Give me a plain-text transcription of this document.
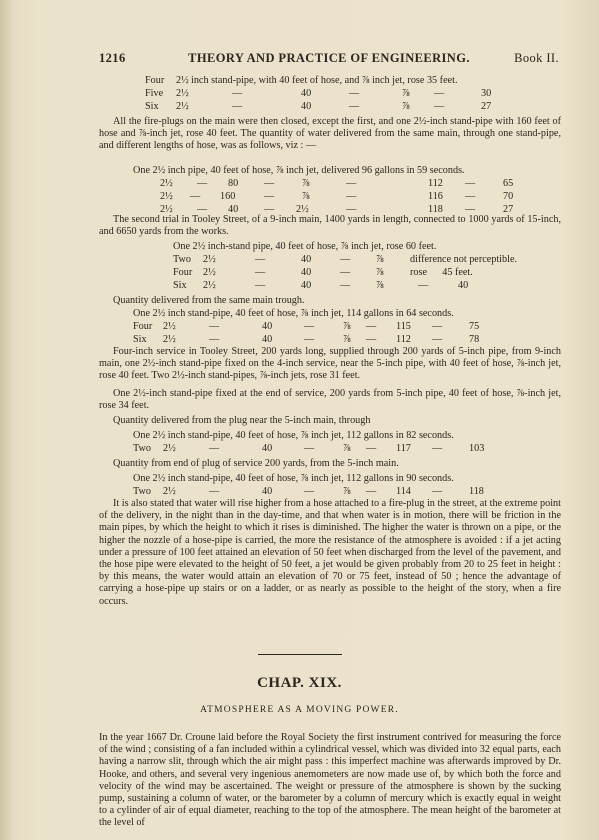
1216	THEORY AND PRACTICE OF ENGINEERING.	Book II.
Four 2½ inch stand-pipe, with 40 feet of hose, and ⅞ inch jet, rose 35 feet.
Five 2½	—	40	—	⅞ —	30
Six 2½	—	40	—	⅞ —	27

All the fire-plugs on the main were then closed, except the first, and one 2½-inch stand-pipe with 160 feet of hose and ⅞-inch jet, rose 40 feet. The quantity of water delivered from the same main, through one stand-pipe, and different lengths of hose, was as follows, viz : —

One 2½ inch pipe, 40 feet of hose, ⅞ inch jet, delivered 96 gallons in 59 seconds.
2½ — 80	—	⅞	—	112 —	65
2½ — 160	—	⅞	—	116 —	70
2½ — 40	— 2½	—	118 —	27

The second trial in Tooley Street, of a 9-inch main, 1400 yards in length, connected to 1000 yards of 15-inch, and 6650 yards from the works.

One 2½ inch-stand pipe, 40 feet of hose, ⅞ inch jet, rose 60 feet.
Two 2½	—	40	—	⅞	difference not perceptible.
Four 2½	—	40	—	⅞	rose      45 feet.
Six 2½	—	40	—	⅞	—	40
Quantity delivered from the same main trough.
One 2½ inch stand-pipe, 40 feet of hose, ⅞ inch jet, 114 gallons in 64 seconds.
Four 2½	—	40	—	⅞ — 115 —	75
Six 2½	—	40	—	⅞ — 112 —	78

Four-inch service in Tooley Street, 200 yards long, supplied through 200 yards of 5-inch pipe, from 9-inch main, one 2½-inch stand-pipe fixed on the 4-inch service, near the 5-inch pipe, with 40 feet of hose, ⅞-inch jet, rose 40 feet. Two 2½-inch stand-pipes, ⅞-inch jets, rose 31 feet.

One 2½-inch stand-pipe fixed at the end of service, 200 yards from 5-inch pipe, 40 feet of hose, ⅞-inch jet, rose 34 feet.

Quantity delivered from the plug near the 5-inch main, through
One 2½ inch stand-pipe, 40 feet of hose, ⅞ inch jet, 112 gallons in 82 seconds.
Two 2½	—	40	—	⅞ — 117 —	103
Quantity from end of plug of service 200 yards, from the 5-inch main.
One 2½ inch stand-pipe, 40 feet of hose, ⅞ inch jet, 112 gallons in 90 seconds.
Two 2½	—	40	—	⅞ — 114 —	118

It is also stated that water will rise higher from a hose attached to a fire-plug in the street, at the extreme point of the delivery, in the night than in the day-time, and that when water is in motion, there will be friction in the main pipes, by which the height to which it rises is diminished. The higher the water is thrown on a pipe, or the higher the nozzle of a hose-pipe is carried, the more the resistance of the atmosphere is avoided : if a jet acting under a pressure of 100 feet attained an elevation of 50 feet when discharged from the level of the pavement, and the hose pipe were elevated to the height of 50 feet, a jet would be given probably from 20 to 25 feet in height : by this means, the water would attain an elevation of 70 or 75 feet, instead of 50 ; hence the advantage of carrying a hose-pipe up stairs or on a ladder, or as nearly as possible to the height of the story, when a fire occurs.

CHAP. XIX.
ATMOSPHERE AS A MOVING POWER.

In the year 1667 Dr. Croune laid before the Royal Society the first instrument contrived for measuring the force of the wind ; consisting of a fan included within a cylindrical vessel, which was divided into 32 equal parts, each having a narrow slit, through which the air might pass : this imperfect machine was afterwards improved by Dr. Hooke, and others, and several very ingenious anemometers are now made use of, by which both the force and velocity of the wind may be ascertained. The weight or pressure of the atmosphere is shown by the sucking pump, sustaining a column of water, or the barometer by a column of mercury which is exactly equal in weight to a cylinder of air of equal diameter, reaching to the top of the atmosphere. The mean height of the barometer at the level of
